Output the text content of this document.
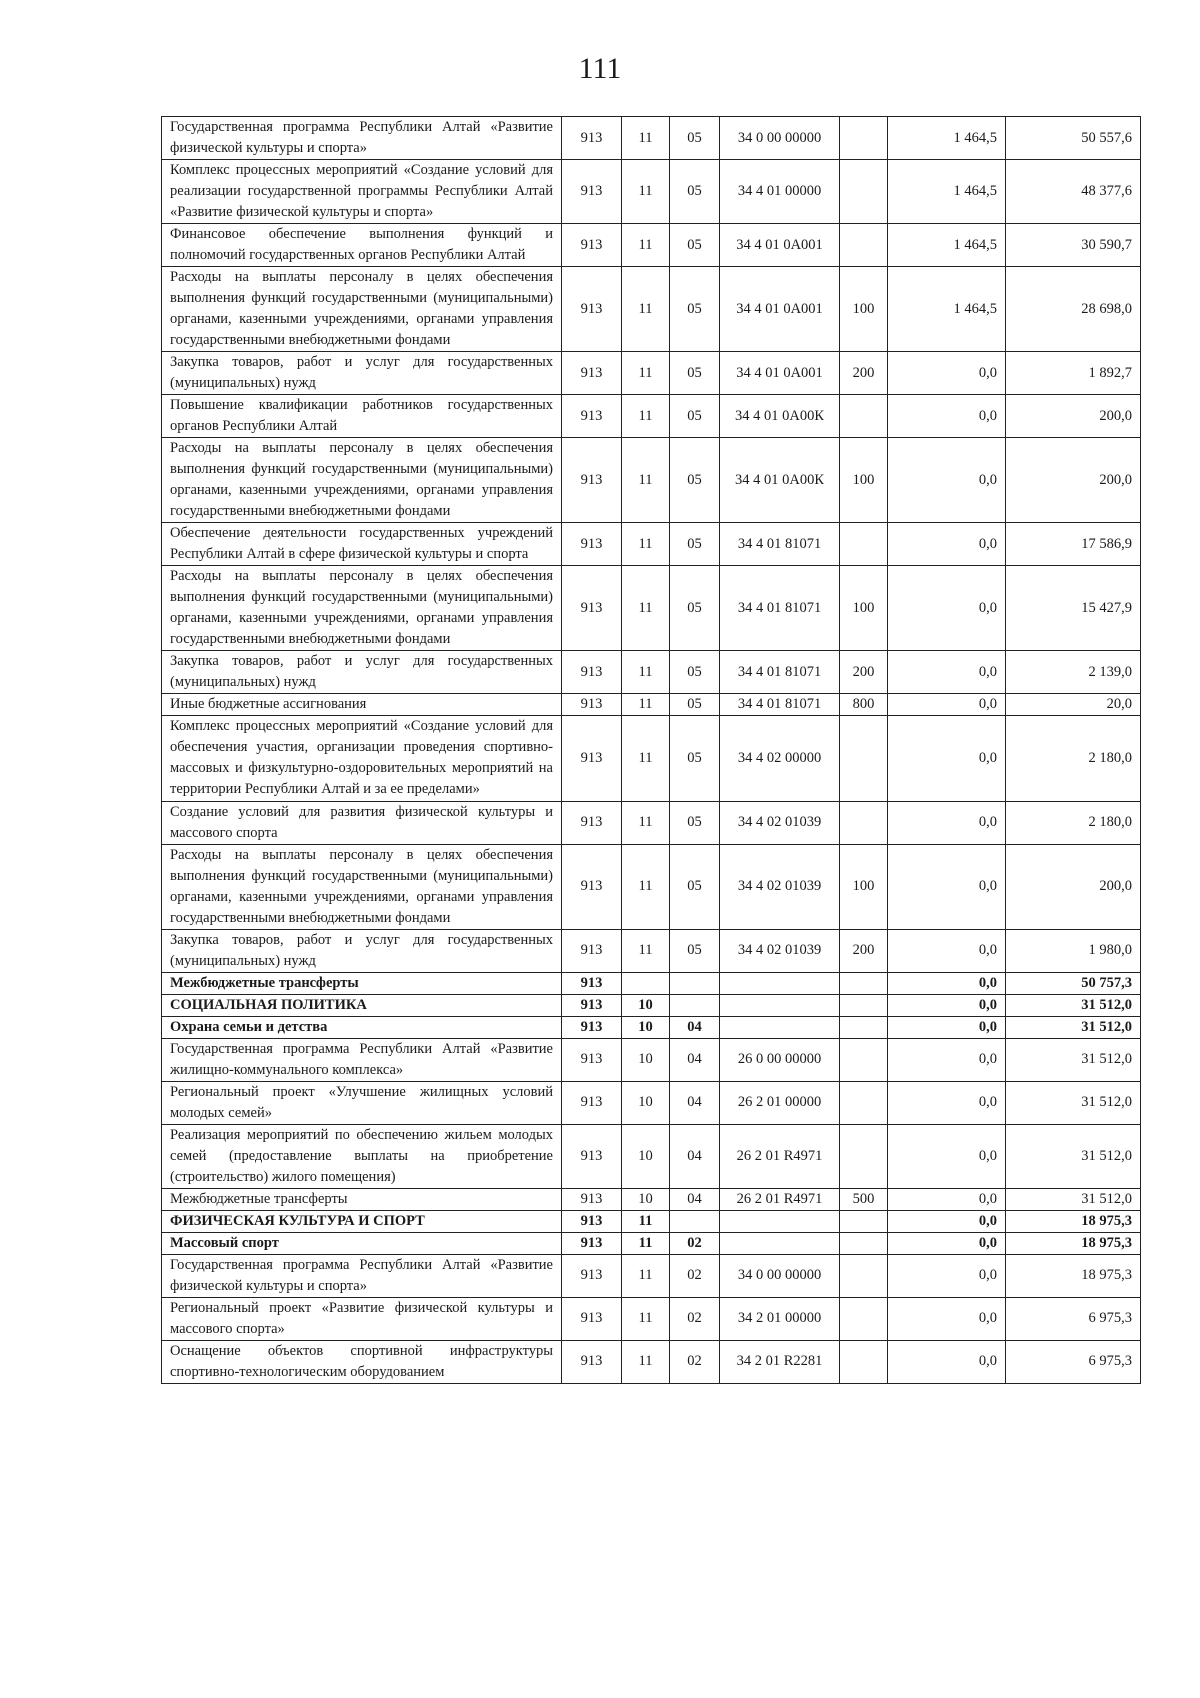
111
Государственная программа Республики Алтай «Развитие физической культуры и спорта»	913	11	05	34 0 00 00000		1 464,5	50 557,6
Комплекс процессных мероприятий «Создание условий для реализации государственной программы Республики Алтай «Развитие физической культуры и спорта»	913	11	05	34 4 01 00000		1 464,5	48 377,6
Финансовое обеспечение выполнения функций и полномочий государственных органов Республики Алтай	913	11	05	34 4 01 0А001		1 464,5	30 590,7
Расходы на выплаты персоналу в целях обеспечения выполнения функций государственными (муниципальными) органами, казенными учреждениями, органами управления государственными внебюджетными фондами	913	11	05	34 4 01 0А001	100	1 464,5	28 698,0
Закупка товаров, работ и услуг для государственных (муниципальных) нужд	913	11	05	34 4 01 0А001	200	0,0	1 892,7
Повышение квалификации работников государственных органов Республики Алтай	913	11	05	34 4 01 0А00К		0,0	200,0
Расходы на выплаты персоналу в целях обеспечения выполнения функций государственными (муниципальными) органами, казенными учреждениями, органами управления государственными внебюджетными фондами	913	11	05	34 4 01 0А00К	100	0,0	200,0
Обеспечение деятельности государственных учреждений Республики Алтай в сфере физической культуры и спорта	913	11	05	34 4 01 81071		0,0	17 586,9
Расходы на выплаты персоналу в целях обеспечения выполнения функций государственными (муниципальными) органами, казенными учреждениями, органами управления государственными внебюджетными фондами	913	11	05	34 4 01 81071	100	0,0	15 427,9
Закупка товаров, работ и услуг для государственных (муниципальных) нужд	913	11	05	34 4 01 81071	200	0,0	2 139,0
Иные бюджетные ассигнования	913	11	05	34 4 01 81071	800	0,0	20,0
Комплекс процессных мероприятий «Создание условий для обеспечения участия, организации проведения спортивно-массовых и физкультурно-оздоровительных мероприятий на территории Республики Алтай и за ее пределами»	913	11	05	34 4 02 00000		0,0	2 180,0
Создание условий для развития физической культуры и массового спорта	913	11	05	34 4 02 01039		0,0	2 180,0
Расходы на выплаты персоналу в целях обеспечения выполнения функций государственными (муниципальными) органами, казенными учреждениями, органами управления государственными внебюджетными фондами	913	11	05	34 4 02 01039	100	0,0	200,0
Закупка товаров, работ и услуг для государственных (муниципальных) нужд	913	11	05	34 4 02 01039	200	0,0	1 980,0
Межбюджетные трансферты	913					0,0	50 757,3
СОЦИАЛЬНАЯ ПОЛИТИКА	913	10				0,0	31 512,0
Охрана семьи и детства	913	10	04			0,0	31 512,0
Государственная программа Республики Алтай «Развитие жилищно-коммунального комплекса»	913	10	04	26 0 00 00000		0,0	31 512,0
Региональный проект «Улучшение жилищных условий молодых семей»	913	10	04	26 2 01 00000		0,0	31 512,0
Реализация мероприятий по обеспечению жильем молодых семей (предоставление выплаты на приобретение (строительство) жилого помещения)	913	10	04	26 2 01 R4971		0,0	31 512,0
Межбюджетные трансферты	913	10	04	26 2 01 R4971	500	0,0	31 512,0
ФИЗИЧЕСКАЯ КУЛЬТУРА И СПОРТ	913	11				0,0	18 975,3
Массовый спорт	913	11	02			0,0	18 975,3
Государственная программа Республики Алтай «Развитие физической культуры и спорта»	913	11	02	34 0 00 00000		0,0	18 975,3
Региональный проект «Развитие физической культуры и массового спорта»	913	11	02	34 2 01 00000		0,0	6 975,3
Оснащение объектов спортивной инфраструктуры спортивно-технологическим оборудованием	913	11	02	34 2 01 R2281		0,0	6 975,3
